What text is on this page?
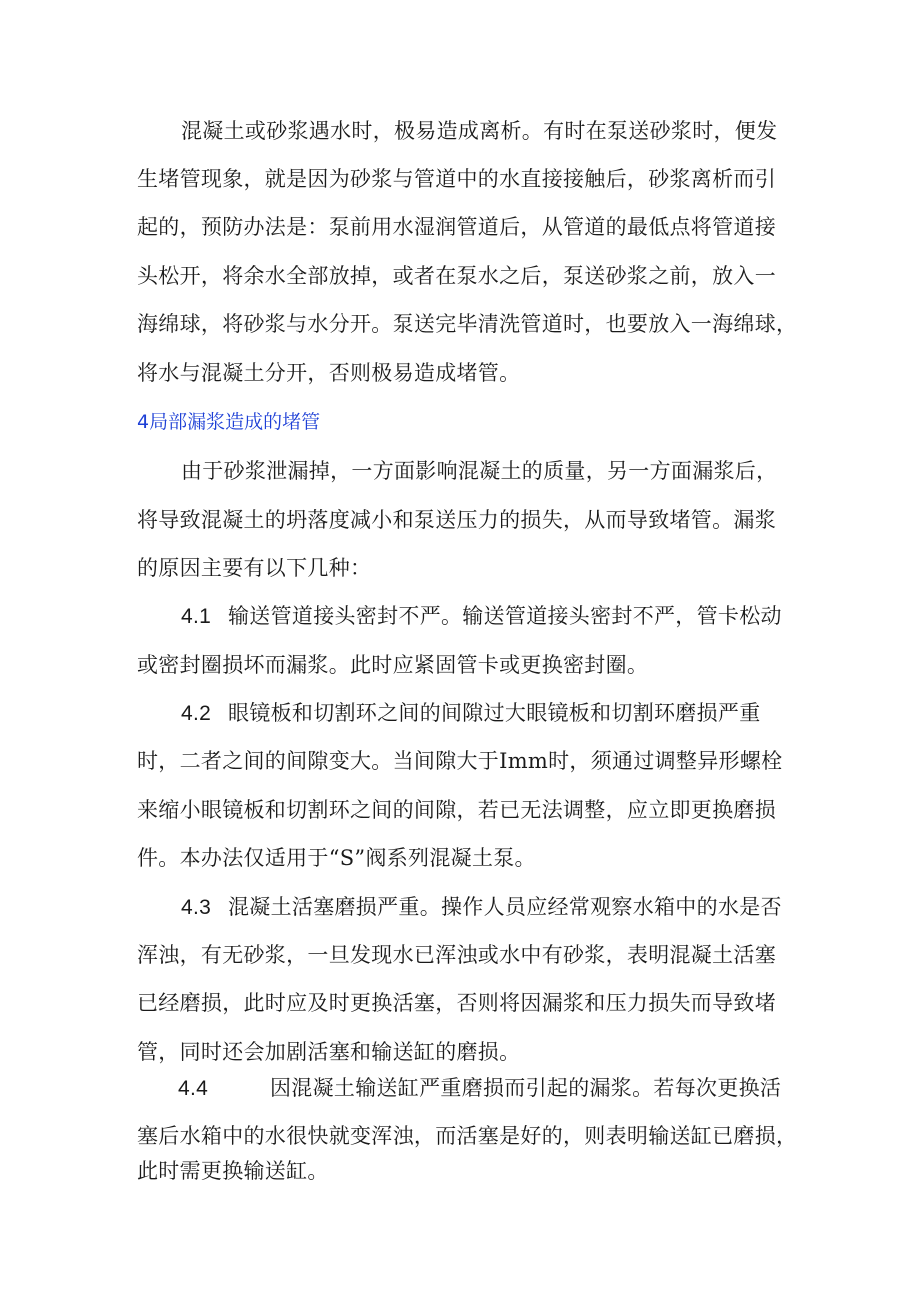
混凝土或砂浆遇水时，极易造成离析。有时在泵送砂浆时，便发
生堵管现象，就是因为砂浆与管道中的水直接接触后，砂浆离析而引
起的，预防办法是：泵前用水湿润管道后，从管道的最低点将管道接
头松开，将余水全部放掉，或者在泵水之后，泵送砂浆之前，放入一
海绵球，将砂浆与水分开。泵送完毕清洗管道时，也要放入一海绵球，
将水与混凝土分开，否则极易造成堵管。
4局部漏浆造成的堵管
由于砂浆泄漏掉，一方面影响混凝土的质量，另一方面漏浆后，
将导致混凝土的坍落度减小和泵送压力的损失，从而导致堵管。漏浆
的原因主要有以下几种：
4.1 输送管道接头密封不严。输送管道接头密封不严，管卡松动
或密封圈损坏而漏浆。此时应紧固管卡或更换密封圈。
4.2 眼镜板和切割环之间的间隙过大眼镜板和切割环磨损严重
时，二者之间的间隙变大。当间隙大于Imm时，须通过调整异形螺栓
来缩小眼镜板和切割环之间的间隙，若已无法调整，应立即更换磨损
件。本办法仅适用于“S”阀系列混凝土泵。
4.3 混凝土活塞磨损严重。操作人员应经常观察水箱中的水是否
浑浊，有无砂浆，一旦发现水已浑浊或水中有砂浆，表明混凝土活塞
已经磨损，此时应及时更换活塞，否则将因漏浆和压力损失而导致堵
管，同时还会加剧活塞和输送缸的磨损。
4.4	因混凝土输送缸严重磨损而引起的漏浆。若每次更换活
塞后水箱中的水很快就变浑浊，而活塞是好的，则表明输送缸已磨损，
此时需更换输送缸。
